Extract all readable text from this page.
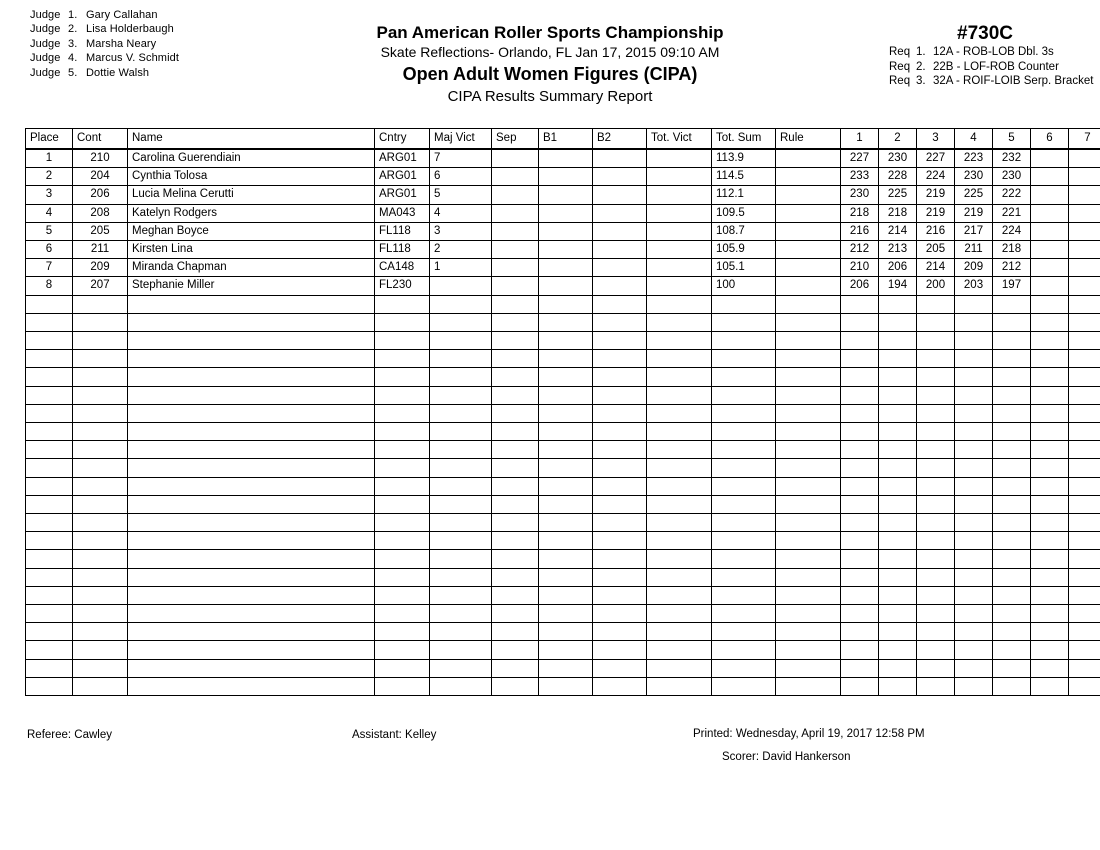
Judge 1. Gary Callahan
Judge 2. Lisa Holderbaugh
Judge 3. Marsha Neary
Judge 4. Marcus V. Schmidt
Judge 5. Dottie Walsh
Pan American Roller Sports Championship
Skate Reflections- Orlando, FL Jan 17, 2015 09:10 AM
Open Adult Women Figures (CIPA)
CIPA Results Summary Report
#730C
Req 1. 12A - ROB-LOB Dbl. 3s
Req 2. 22B - LOF-ROB Counter
Req 3. 32A - ROIF-LOIB Serp. Bracket
Place	Cont	Name	Cntry	Maj Vict	Sep	B1	B2	Tot. Vict	Tot. Sum	Rule	1	2	3	4	5	6	7
1	210	Carolina Guerendiain	ARG01	7					113.9		227	230	227	223	232		
2	204	Cynthia Tolosa	ARG01	6					114.5		233	228	224	230	230		
3	206	Lucia Melina Cerutti	ARG01	5					112.1		230	225	219	225	222		
4	208	Katelyn Rodgers	MA043	4					109.5		218	218	219	219	221		
5	205	Meghan Boyce	FL118	3					108.7		216	214	216	217	224		
6	211	Kirsten Lina	FL118	2					105.9		212	213	205	211	218		
7	209	Miranda Chapman	CA148	1					105.1		210	206	214	209	212		
8	207	Stephanie Miller	FL230						100		206	194	200	203	197		

Referee: Cawley	Assistant: Kelley	Printed: Wednesday, April 19, 2017 12:58 PM
Scorer: David Hankerson
